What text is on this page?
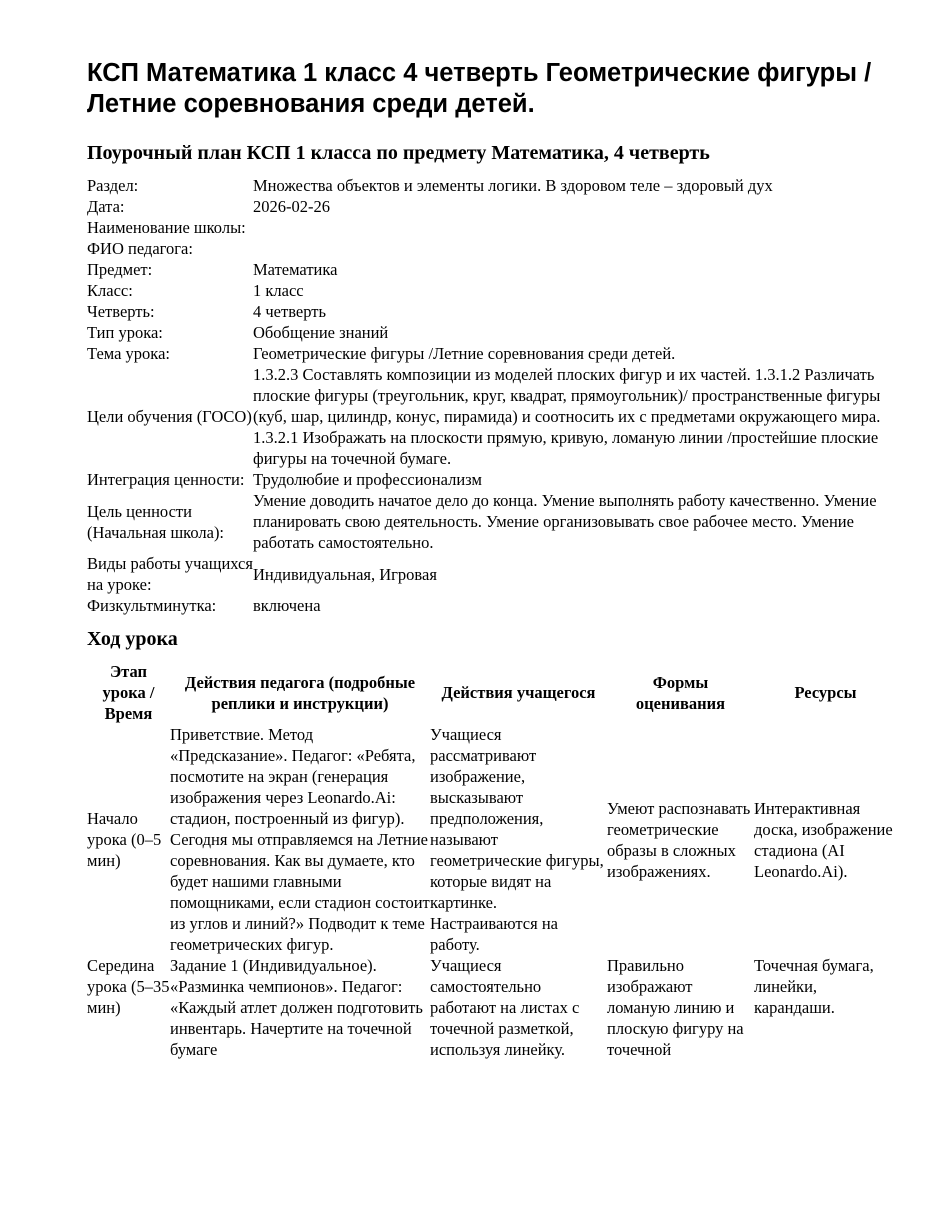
КСП Математика 1 класс 4 четверть Геометрические фигуры /Летние соревнования среди детей.
Поурочный план КСП 1 класса по предмету Математика, 4 четверть
Раздел:	Множества объектов и элементы логики. В здоровом теле – здоровый дух
Дата:	2026-02-26
Наименование школы:	
ФИО педагога:	
Предмет:	Математика
Класс:	1 класс
Четверть:	4 четверть
Тип урока:	Обобщение знаний
Тема урока:	Геометрические фигуры /Летние соревнования среди детей.
Цели обучения (ГОСО)	1.3.2.3 Составлять композиции из моделей плоских фигур и их частей. 1.3.1.2 Различать плоские фигуры (треугольник, круг, квадрат, прямоугольник)/ пространственные фигуры (куб, шар, цилиндр, конус, пирамида) и соотносить их с предметами окружающего мира. 1.3.2.1 Изображать на плоскости прямую, кривую, ломаную линии /простейшие плоские фигуры на точечной бумаге.
Интеграция ценности:	Трудолюбие и профессионализм
Цель ценности (Начальная школа):	Умение доводить начатое дело до конца. Умение выполнять работу качественно. Умение планировать свою деятельность. Умение организовывать свое рабочее место. Умение работать самостоятельно.
Виды работы учащихся на уроке:	Индивидуальная, Игровая
Физкультминутка:	включена
Ход урока
Этап урока / Время	Действия педагога (подробные реплики и инструкции)	Действия учащегося	Формы оценивания	Ресурсы
Начало урока (0–5 мин)	Приветствие. Метод «Предсказание». Педагог: «Ребята, посмотите на экран (генерация изображения через Leonardo.Ai: стадион, построенный из фигур). Сегодня мы отправляемся на Летние соревнования. Как вы думаете, кто будет нашими главными помощниками, если стадион состоит из углов и линий?» Подводит к теме геометрических фигур.	Учащиеся рассматривают изображение, высказывают предположения, называют геометрические фигуры, которые видят на картинке. Настраиваются на работу.	Умеют распознавать геометрические образы в сложных изображениях.	Интерактивная доска, изображение стадиона (AI Leonardo.Ai).
Середина урока (5–35 мин)	Задание 1 (Индивидуальное). «Разминка чемпионов». Педагог: «Каждый атлет должен подготовить инвентарь. Начертите на точечной бумаге	Учащиеся самостоятельно работают на листах с точечной разметкой, используя линейку.	Правильно изображают ломаную линию и плоскую фигуру на точечной	Точечная бумага, линейки, карандаши.
